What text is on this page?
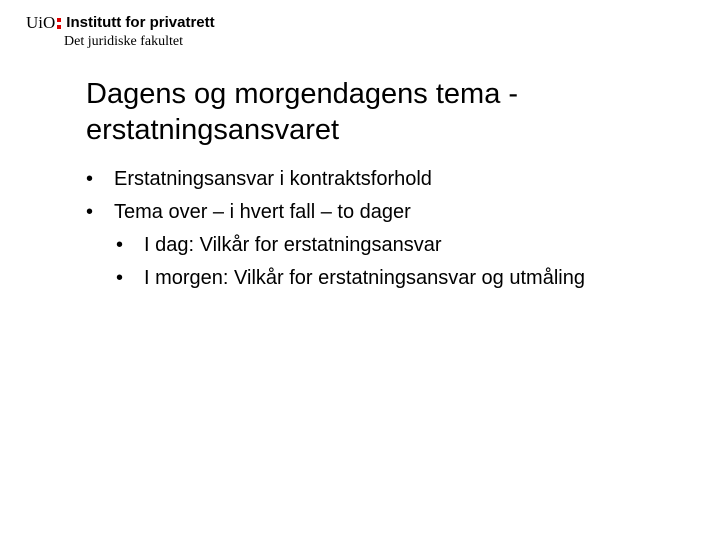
UiO Institutt for privatrett
Det juridiske fakultet
Dagens og morgendagens tema -
erstatningsansvaret
• Erstatningsansvar i kontraktsforhold
• Tema over – i hvert fall – to dager
• I dag: Vilkår for erstatningsansvar
• I morgen: Vilkår for erstatningsansvar og utmåling
